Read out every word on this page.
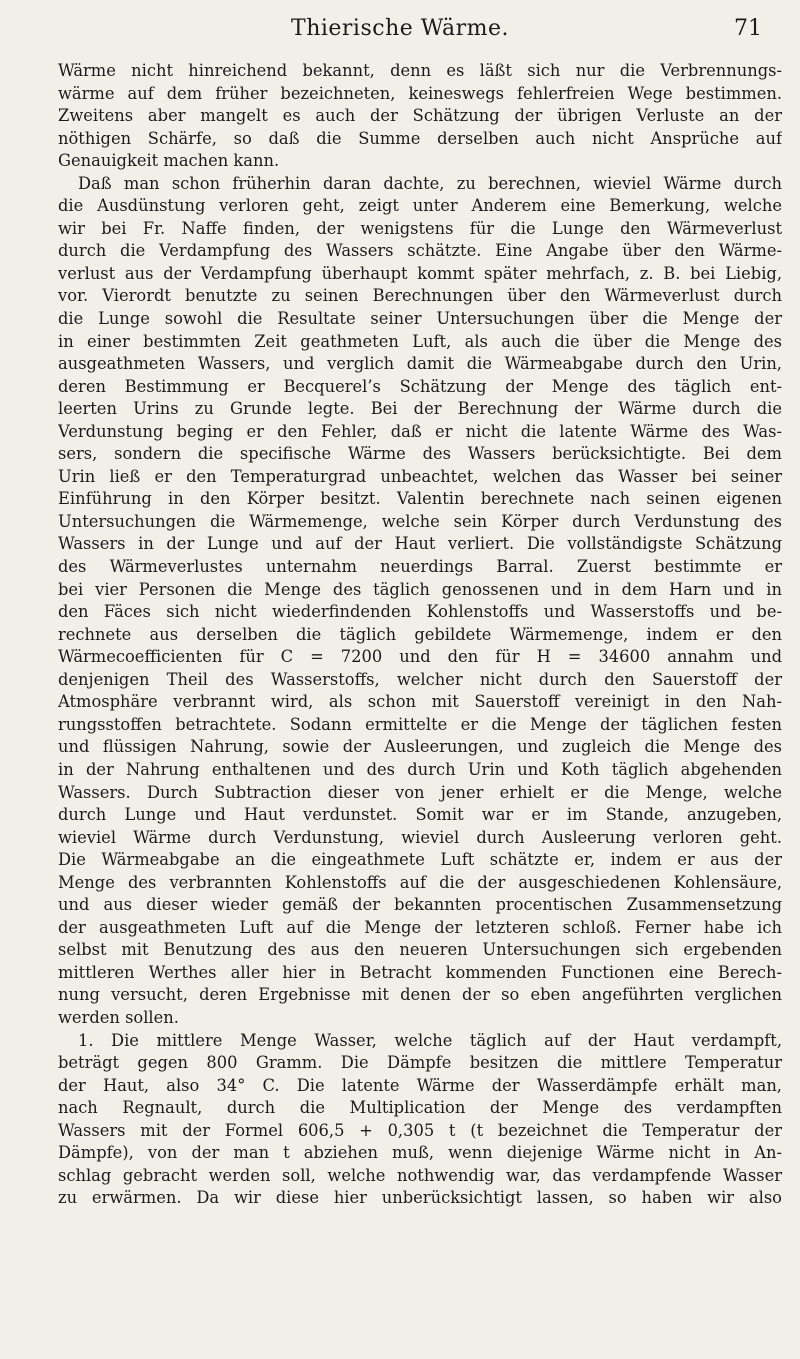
Thierische Wärme.	71
Wärme nicht hinreichend bekannt, denn es läßt sich nur die Verbrennungs-
wärme auf dem früher bezeichneten, keineswegs fehlerfreien Wege bestimmen.
Zweitens aber mangelt es auch der Schätzung der übrigen Verluste an der
nöthigen Schärfe, so daß die Summe derselben auch nicht Ansprüche auf
Genauigkeit machen kann.
Daß man schon früherhin daran dachte, zu berechnen, wieviel Wärme durch
die Ausdünstung verloren geht, zeigt unter Anderem eine Bemerkung, welche
wir bei Fr. Naffe finden, der wenigstens für die Lunge den Wärmeverlust
durch die Verdampfung des Wassers schätzte. Eine Angabe über den Wärme-
verlust aus der Verdampfung überhaupt kommt später mehrfach, z. B. bei Liebig,
vor. Vierordt benutzte zu seinen Berechnungen über den Wärmeverlust durch
die Lunge sowohl die Resultate seiner Untersuchungen über die Menge der
in einer bestimmten Zeit geathmeten Luft, als auch die über die Menge des
ausgeathmeten Wassers, und verglich damit die Wärmeabgabe durch den Urin,
deren Bestimmung er Becquerel’s Schätzung der Menge des täglich ent-
leerten Urins zu Grunde legte. Bei der Berechnung der Wärme durch die
Verdunstung beging er den Fehler, daß er nicht die latente Wärme des Was-
sers, sondern die specifische Wärme des Wassers berücksichtigte. Bei dem
Urin ließ er den Temperaturgrad unbeachtet, welchen das Wasser bei seiner
Einführung in den Körper besitzt. Valentin berechnete nach seinen eigenen
Untersuchungen die Wärmemenge, welche sein Körper durch Verdunstung des
Wassers in der Lunge und auf der Haut verliert. Die vollständigste Schätzung
des Wärmeverlustes unternahm neuerdings Barral. Zuerst bestimmte er
bei vier Personen die Menge des täglich genossenen und in dem Harn und in
den Fäces sich nicht wiederfindenden Kohlenstoffs und Wasserstoffs und be-
rechnete aus derselben die täglich gebildete Wärmemenge, indem er den
Wärmecoefficienten für C = 7200 und den für H = 34600 annahm und
denjenigen Theil des Wasserstoffs, welcher nicht durch den Sauerstoff der
Atmosphäre verbrannt wird, als schon mit Sauerstoff vereinigt in den Nah-
rungsstoffen betrachtete. Sodann ermittelte er die Menge der täglichen festen
und flüssigen Nahrung, sowie der Ausleerungen, und zugleich die Menge des
in der Nahrung enthaltenen und des durch Urin und Koth täglich abgehenden
Wassers. Durch Subtraction dieser von jener erhielt er die Menge, welche
durch Lunge und Haut verdunstet. Somit war er im Stande, anzugeben,
wieviel Wärme durch Verdunstung, wieviel durch Ausleerung verloren geht.
Die Wärmeabgabe an die eingeathmete Luft schätzte er, indem er aus der
Menge des verbrannten Kohlenstoffs auf die der ausgeschiedenen Kohlensäure,
und aus dieser wieder gemäß der bekannten procentischen Zusammensetzung
der ausgeathmeten Luft auf die Menge der letzteren schloß. Ferner habe ich
selbst mit Benutzung des aus den neueren Untersuchungen sich ergebenden
mittleren Werthes aller hier in Betracht kommenden Functionen eine Berech-
nung versucht, deren Ergebnisse mit denen der so eben angeführten verglichen
werden sollen.
1. Die mittlere Menge Wasser, welche täglich auf der Haut verdampft,
beträgt gegen 800 Gramm. Die Dämpfe besitzen die mittlere Temperatur
der Haut, also 34° C. Die latente Wärme der Wasserdämpfe erhält man,
nach Regnault, durch die Multiplication der Menge des verdampften
Wassers mit der Formel 606,5 + 0,305 t (t bezeichnet die Temperatur der
Dämpfe), von der man t abziehen muß, wenn diejenige Wärme nicht in An-
schlag gebracht werden soll, welche nothwendig war, das verdampfende Wasser
zu erwärmen. Da wir diese hier unberücksichtigt lassen, so haben wir also
